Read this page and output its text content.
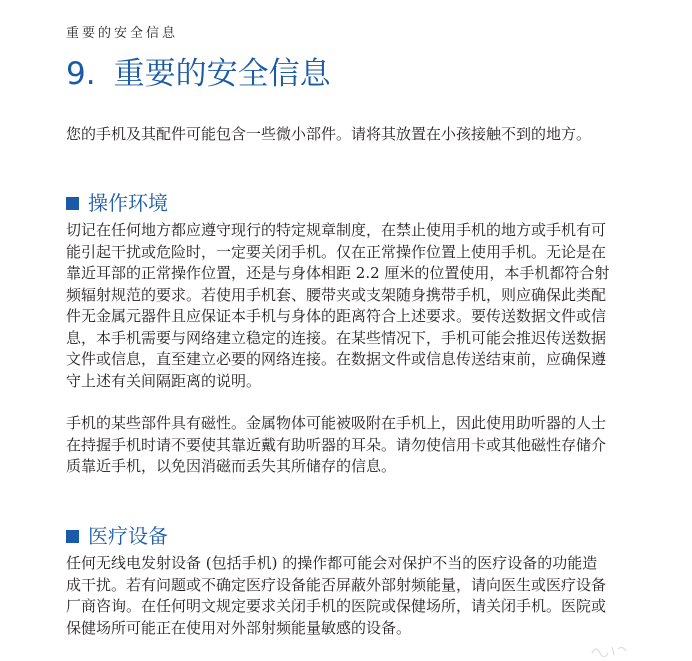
重要的安全信息
9. 重要的安全信息

您的手机及其配件可能包含一些微小部件。请将其放置在小孩接触不到的地方。

操作环境

切记在任何地方都应遵守现行的特定规章制度，在禁止使用手机的地方或手机有可能引起干扰或危险时，一定要关闭手机。仅在正常操作位置上使用手机。无论是在靠近耳部的正常操作位置，还是与身体相距 2.2 厘米的位置使用，本手机都符合射频辐射规范的要求。若使用手机套、腰带夹或支架随身携带手机，则应确保此类配件无金属元器件且应保证本手机与身体的距离符合上述要求。要传送数据文件或信息，本手机需要与网络建立稳定的连接。在某些情况下，手机可能会推迟传送数据文件或信息，直至建立必要的网络连接。在数据文件或信息传送结束前，应确保遵守上述有关间隔距离的说明。

手机的某些部件具有磁性。金属物体可能被吸附在手机上，因此使用助听器的人士在持握手机时请不要使其靠近戴有助听器的耳朵。请勿使信用卡或其他磁性存储介质靠近手机，以免因消磁而丢失其所储存的信息。

医疗设备

任何无线电发射设备 (包括手机) 的操作都可能会对保护不当的医疗设备的功能造成干扰。若有问题或不确定医疗设备能否屏蔽外部射频能量，请向医生或医疗设备厂商咨询。在任何明文规定要求关闭手机的医院或保健场所，请关闭手机。医院或保健场所可能正在使用对外部射频能量敏感的设备。
